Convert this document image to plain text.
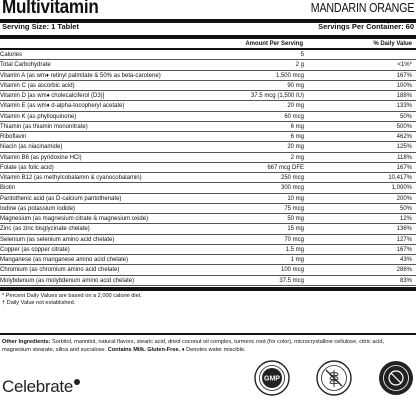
Multivitamin	MANDARIN ORANGE
Serving Size: 1 Tablet	Servings Per Container: 60
Amount Per Serving	% Daily Value
Calories	5
Total Carbohydrate	2 g	<1%*
Vitamin A (as wm♦ retinyl palmitate & 50% as beta-carotene)	1,500 mcg	167%
Vitamin C (as ascorbic acid)	90 mg	100%
Vitamin D [as wm♦ cholecalciferol (D3)]	37.5 mcg (1,500 IU)	188%
Vitamin E (as wm♦ d-alpha-tocopheryl acetate)	20 mg	133%
Vitamin K (as phylloquinone)	60 mcg	50%
Thiamin (as thiamin mononitrate)	6 mg	500%
Riboflavin	6 mg	462%
Niacin (as niacinamide)	20 mg	125%
Vitamin B6 (as pyridoxine HCl)	2 mg	118%
Folate (as folic acid)	667 mcg DFE	167%
Vitamin B12 (as methylcobalamin & cyanocobalamin)	250 mcg	10,417%
Biotin	300 mcg	1,000%
Pantothenic acid (as D-calcium pantothenate)	10 mg	200%
Iodine (as potassium iodide)	75 mcg	50%
Magnesium (as magnesium citrate & magnesium oxide)	50 mg	12%
Zinc (as zinc bisglycinate chelate)	15 mg	136%
Selenium (as selenium amino acid chelate)	70 mcg	127%
Copper (as copper citrate)	1.5 mg	167%
Manganese (as manganese amino acid chelate)	1 mg	43%
Chromium (as chromium amino acid chelate)	100 mcg	286%
Molybdenum (as molybdenum amino acid chelate)	37.5 mcg	83%
* Percent Daily Values are based on a 2,000 calorie diet.
† Daily Value not established.
Other Ingredients: Sorbitol, mannitol, natural flavors, stearic acid, dried coconut oil complex, turmeric root (for color), microcrystalline cellulose, citric acid, magnesium stearate, silica and sucralose. Contains Milk. Gluten-Free. ♦ Denotes water miscible.
Celebrate	GMP
